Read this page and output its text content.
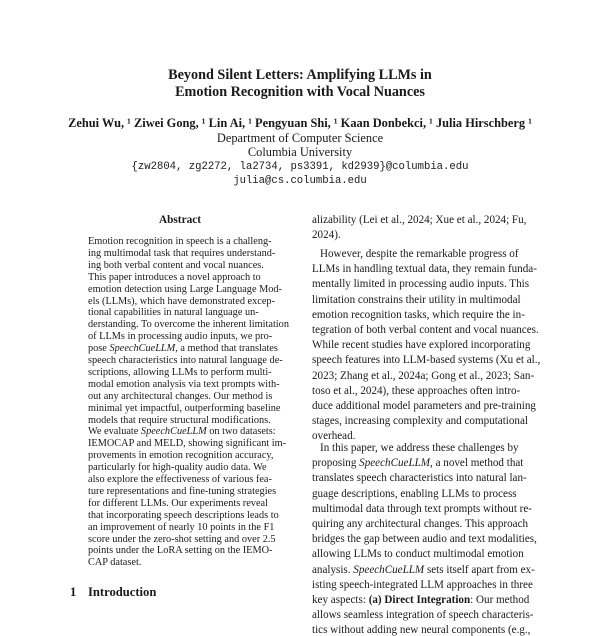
Beyond Silent Letters: Amplifying LLMs in
Emotion Recognition with Vocal Nuances
Zehui Wu, ¹ Ziwei Gong, ¹ Lin Ai, ¹ Pengyuan Shi, ¹ Kaan Donbekci, ¹ Julia Hirschberg ¹
Department of Computer Science
Columbia University
{zw2804, zg2272, la2734, ps3391, kd2939}@columbia.edu
julia@cs.columbia.edu
Abstract
Emotion recognition in speech is a challeng-
ing multimodal task that requires understand-
ing both verbal content and vocal nuances.
This paper introduces a novel approach to
emotion detection using Large Language Mod-
els (LLMs), which have demonstrated excep-
tional capabilities in natural language un-
derstanding. To overcome the inherent limitation
of LLMs in processing audio inputs, we pro-
pose SpeechCueLLM, a method that translates
speech characteristics into natural language de-
scriptions, allowing LLMs to perform multi-
modal emotion analysis via text prompts with-
out any architectural changes. Our method is
minimal yet impactful, outperforming baseline
models that require structural modifications.
We evaluate SpeechCueLLM on two datasets:
IEMOCAP and MELD, showing significant im-
provements in emotion recognition accuracy,
particularly for high-quality audio data. We
also explore the effectiveness of various fea-
ture representations and fine-tuning strategies
for different LLMs. Our experiments reveal
that incorporating speech descriptions leads to
an improvement of nearly 10 points in the F1
score under the zero-shot setting and over 2.5
points under the LoRA setting on the IEMO-
CAP dataset.
1 Introduction
alizability (Lei et al., 2024; Xue et al., 2024; Fu,
2024).
However, despite the remarkable progress of
LLMs in handling textual data, they remain funda-
mentally limited in processing audio inputs. This
limitation constrains their utility in multimodal
emotion recognition tasks, which require the in-
tegration of both verbal content and vocal nuances.
While recent studies have explored incorporating
speech features into LLM-based systems (Xu et al.,
2023; Zhang et al., 2024a; Gong et al., 2023; San-
toso et al., 2024), these approaches often intro-
duce additional model parameters and pre-training
stages, increasing complexity and computational
overhead.
In this paper, we address these challenges by
proposing SpeechCueLLM, a novel method that
translates speech characteristics into natural lan-
guage descriptions, enabling LLMs to process
multimodal data through text prompts without re-
quiring any architectural changes. This approach
bridges the gap between audio and text modalities,
allowing LLMs to conduct multimodal emotion
analysis. SpeechCueLLM sets itself apart from ex-
isting speech-integrated LLM approaches in three
key aspects: (a) Direct Integration: Our method
allows seamless integration of speech characteris-
tics without adding new neural components (e.g.,
